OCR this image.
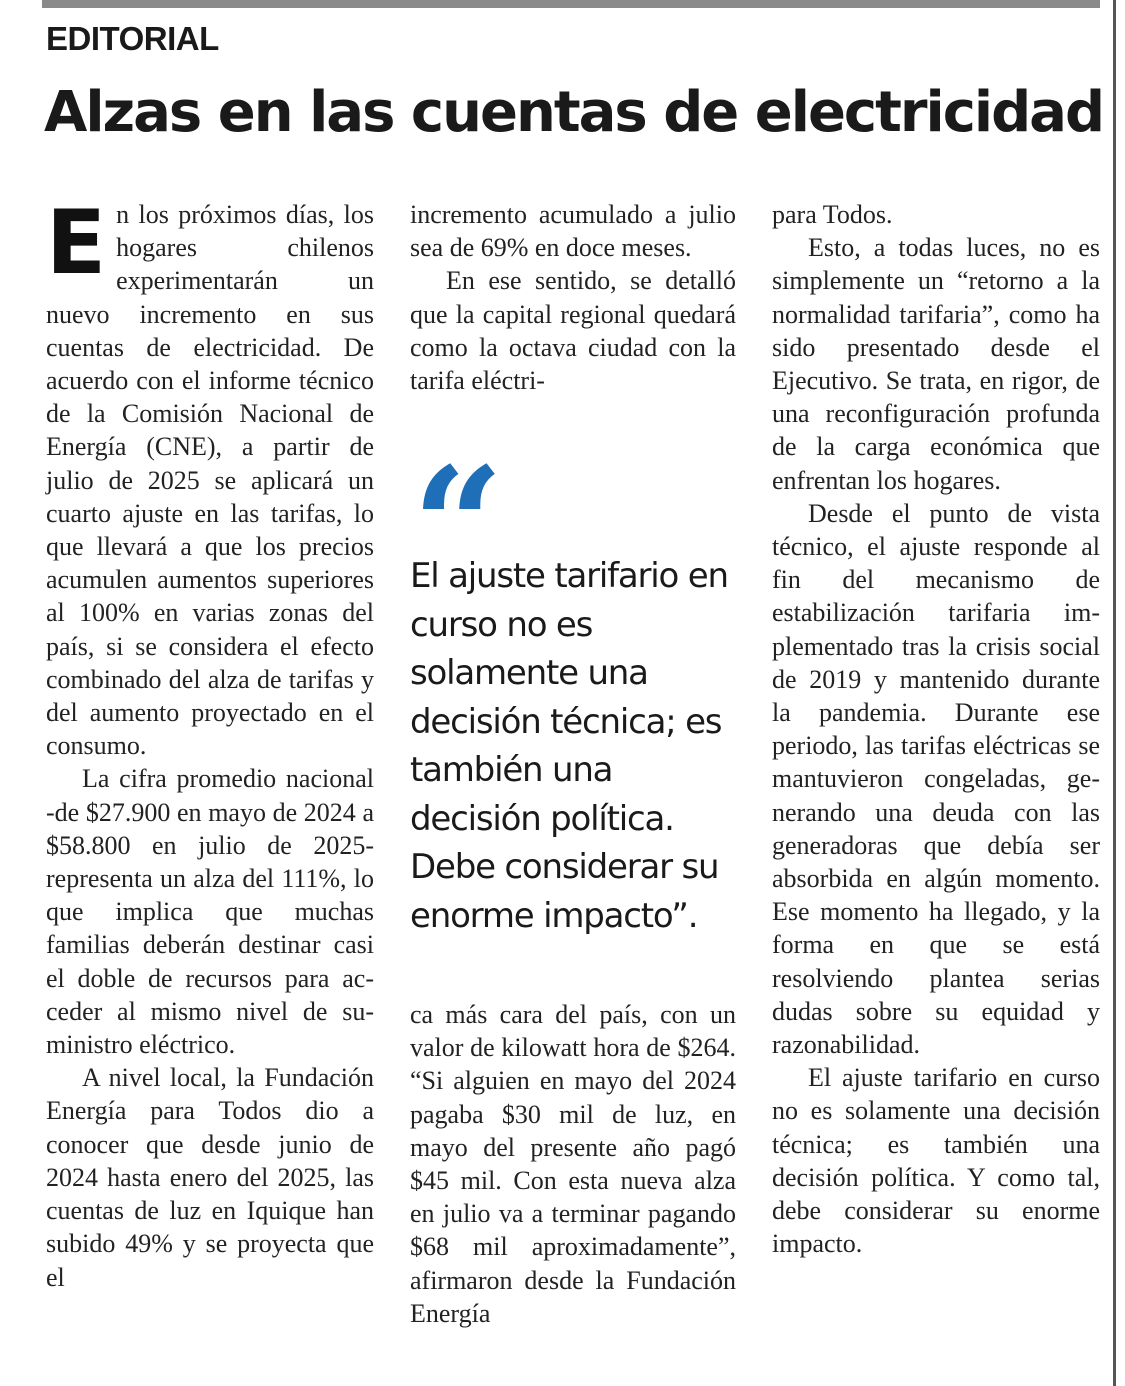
EDITORIAL
Alzas en las cuentas de electricidad

En los próximos días, los hogares chilenos experimentarán un nuevo incremento en sus cuentas de electricidad. De acuerdo con el informe técnico de la Comisión Nacional de Energía (CNE), a partir de julio de 2025 se aplicará un cuarto ajuste en las tarifas, lo que llevará a que los precios acumulen aumentos superiores al 100% en varias zonas del país, si se considera el efecto combinado del alza de tarifas y del aumento proyectado en el consumo.

La cifra promedio nacional -de $27.900 en mayo de 2024 a $58.800 en julio de 2025- representa un alza del 111%, lo que implica que muchas familias deberán destinar casi el doble de recursos para acceder al mismo nivel de suministro eléctrico.

A nivel local, la Fundación Energía para Todos dio a conocer que desde junio de 2024 hasta enero del 2025, las cuentas de luz en Iquique han subido 49% y se proyecta que el

incremento acumulado a julio sea de 69% en doce meses.

En ese sentido, se detalló que la capital regional quedará como la octava ciudad con la tarifa eléctri-

“
El ajuste tarifario en curso no es solamente una decisión técnica; es también una decisión política. Debe considerar su enorme impacto”.

ca más cara del país, con un valor de kilowatt hora de $264. “Si alguien en mayo del 2024 pagaba $30 mil de luz, en mayo del presente año pagó $45 mil. Con esta nueva alza en julio va a terminar pagando $68 mil aproximadamente”, afirmaron desde la Fundación Energía

para Todos.

Esto, a todas luces, no es simplemente un “retorno a la normalidad tarifaria”, como ha sido presentado desde el Ejecutivo. Se trata, en rigor, de una reconfiguración profunda de la carga económica que enfrentan los hogares.

Desde el punto de vista técnico, el ajuste responde al fin del mecanismo de estabilización tarifaria implementado tras la crisis social de 2019 y mantenido durante la pandemia. Durante ese periodo, las tarifas eléctricas se mantuvieron congeladas, generando una deuda con las generadoras que debía ser absorbida en algún momento. Ese momento ha llegado, y la forma en que se está resolviendo plantea serias dudas sobre su equidad y razonabilidad.

El ajuste tarifario en curso no es solamente una decisión técnica; es también una decisión política. Y como tal, debe considerar su enorme impacto.
